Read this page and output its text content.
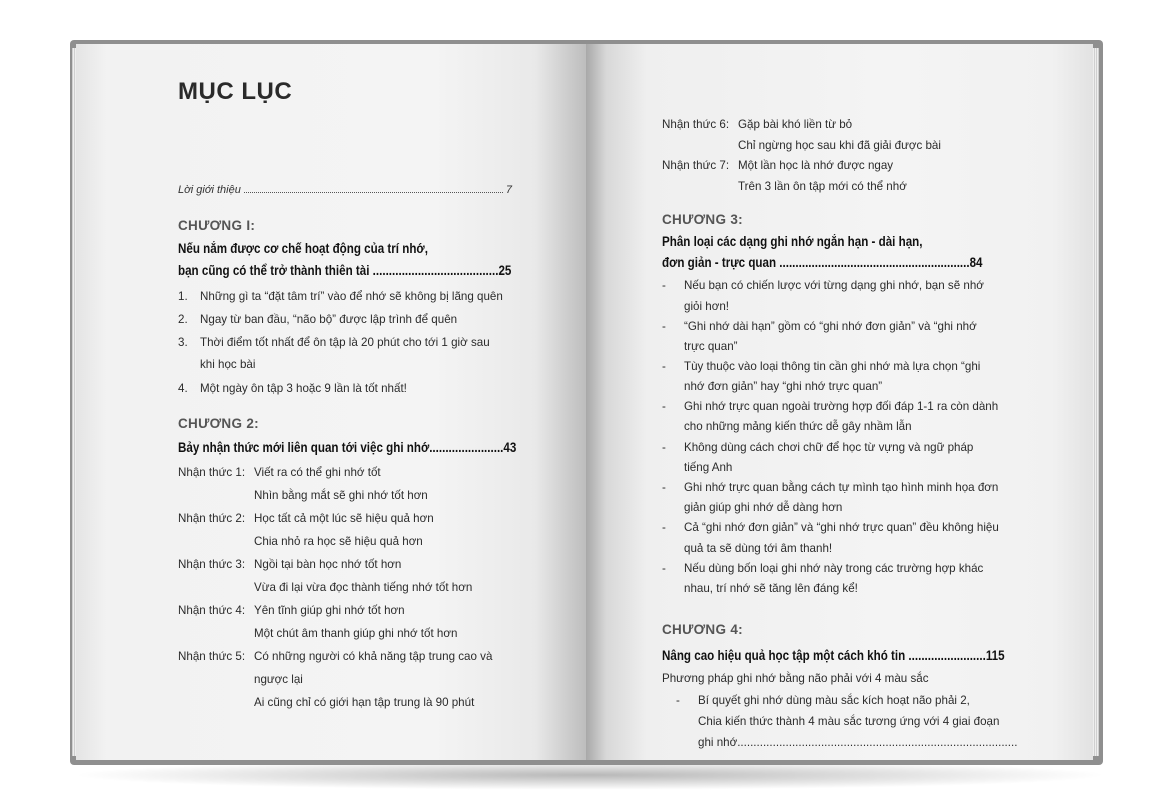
MỤC LỤC
Lời giới thiệu	7
CHƯƠNG I:
Nếu nắm được cơ chế hoạt động của trí nhớ,
bạn cũng có thể trở thành thiên tài .......................................25
1. Những gì ta “đặt tâm trí” vào để nhớ sẽ không bị lãng quên
2. Ngay từ ban đầu, “não bộ” được lập trình để quên
3. Thời điểm tốt nhất để ôn tập là 20 phút cho tới 1 giờ sau
khi học bài
4. Một ngày ôn tập 3 hoặc 9 lần là tốt nhất!
CHƯƠNG 2:
Bảy nhận thức mới liên quan tới việc ghi nhớ.......................43
Nhận thức 1: Viết ra có thể ghi nhớ tốt
Nhìn bằng mắt sẽ ghi nhớ tốt hơn
Nhận thức 2: Học tất cả một lúc sẽ hiệu quả hơn
Chia nhỏ ra học sẽ hiệu quả hơn
Nhận thức 3: Ngồi tại bàn học nhớ tốt hơn
Vừa đi lại vừa đọc thành tiếng nhớ tốt hơn
Nhận thức 4: Yên tĩnh giúp ghi nhớ tốt hơn
Một chút âm thanh giúp ghi nhớ tốt hơn
Nhận thức 5: Có những người có khả năng tập trung cao và
ngược lại
Ai cũng chỉ có giới hạn tập trung là 90 phút
Nhận thức 6: Gặp bài khó liền từ bỏ
Chỉ ngừng học sau khi đã giải được bài
Nhận thức 7: Một lần học là nhớ được ngay
Trên 3 lần ôn tập mới có thể nhớ
CHƯƠNG 3:
Phân loại các dạng ghi nhớ ngắn hạn - dài hạn,
đơn giản - trực quan ...........................................................84
- Nếu bạn có chiến lược với từng dạng ghi nhớ, bạn sẽ nhớ
giỏi hơn!
- “Ghi nhớ dài hạn” gồm có “ghi nhớ đơn giản” và “ghi nhớ
trực quan”
- Tùy thuộc vào loại thông tin cần ghi nhớ mà lựa chọn “ghi
nhớ đơn giản” hay “ghi nhớ trực quan”
- Ghi nhớ trực quan ngoài trường hợp đối đáp 1-1 ra còn dành
cho những mảng kiến thức dễ gây nhầm lẫn
- Không dùng cách chơi chữ để học từ vựng và ngữ pháp
tiếng Anh
- Ghi nhớ trực quan bằng cách tự mình tạo hình minh họa đơn
giản giúp ghi nhớ dễ dàng hơn
- Cả “ghi nhớ đơn giản” và “ghi nhớ trực quan” đều không hiệu
quả ta sẽ dùng tới âm thanh!
- Nếu dùng bốn loại ghi nhớ này trong các trường hợp khác
nhau, trí nhớ sẽ tăng lên đáng kể!
CHƯƠNG 4:
Nâng cao hiệu quả học tập một cách khó tin ........................115
Phương pháp ghi nhớ bằng não phải với 4 màu sắc
- Bí quyết ghi nhớ dùng màu sắc kích hoạt não phải 2,
Chia kiến thức thành 4 màu sắc tương ứng với 4 giai đoạn
ghi nhớ.......................................................................................
